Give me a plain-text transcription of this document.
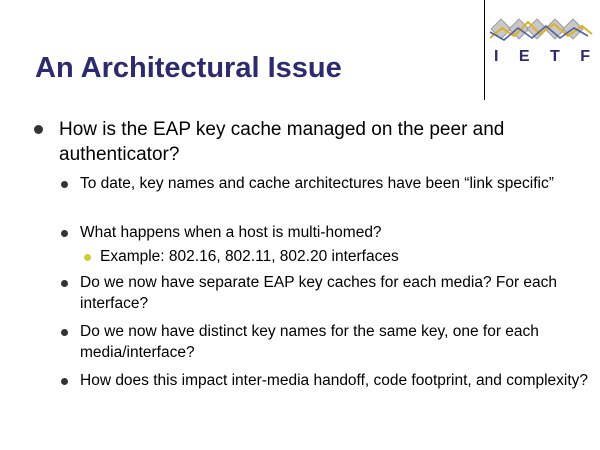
An Architectural Issue	I E T F
How is the EAP key cache managed on the peer and authenticator?
To date, key names and cache architectures have been “link specific”
What happens when a host is multi-homed?
Example: 802.16, 802.11, 802.20 interfaces
Do we now have separate EAP key caches for each media? For each interface?
Do we now have distinct key names for the same key, one for each media/interface?
How does this impact inter-media handoff, code footprint, and complexity?
